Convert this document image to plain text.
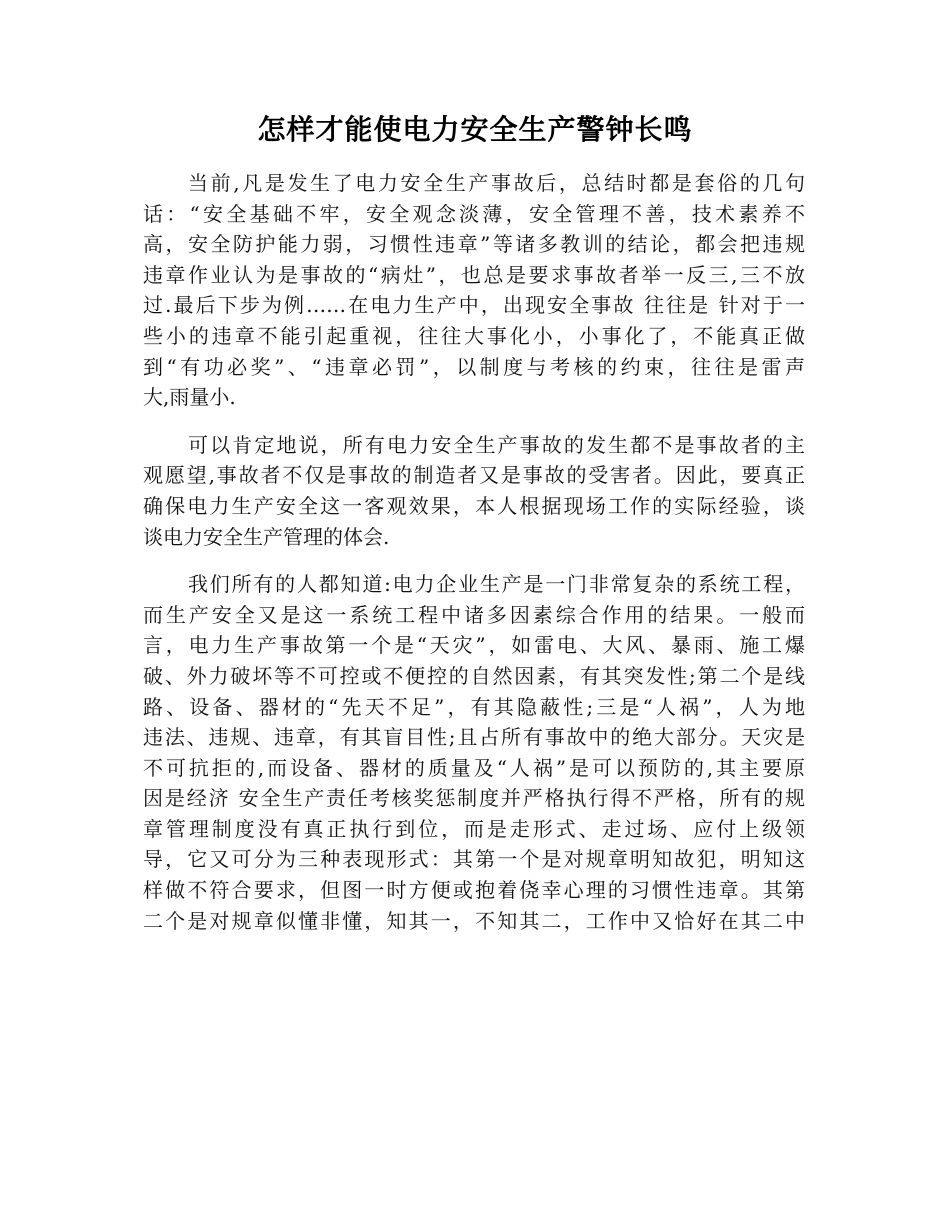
怎样才能使电力安全生产警钟长鸣
当前,凡是发生了电力安全生产事故后，总结时都是套俗的几句
话：“安全基础不牢，安全观念淡薄，安全管理不善，技术素养不
高，安全防护能力弱，习惯性违章”等诸多教训的结论，都会把违规
违章作业认为是事故的“病灶”，也总是要求事故者举一反三,三不放
过.最后下步为例……在电力生产中，出现安全事故 往往是 针对于一
些小的违章不能引起重视，往往大事化小，小事化了，不能真正做
到“有功必奖”、“违章必罚”，以制度与考核的约束，往往是雷声
大,雨量小.
可以肯定地说，所有电力安全生产事故的发生都不是事故者的主
观愿望,事故者不仅是事故的制造者又是事故的受害者。因此，要真正
确保电力生产安全这一客观效果，本人根据现场工作的实际经验，谈
谈电力安全生产管理的体会.
我们所有的人都知道:电力企业生产是一门非常复杂的系统工程，
而生产安全又是这一系统工程中诸多因素综合作用的结果。一般而
言，电力生产事故第一个是“天灾”，如雷电、大风、暴雨、施工爆
破、外力破坏等不可控或不便控的自然因素，有其突发性;第二个是线
路、设备、器材的“先天不足”，有其隐蔽性;三是“人祸”，人为地
违法、违规、违章，有其盲目性;且占所有事故中的绝大部分。天灾是
不可抗拒的,而设备、器材的质量及“人祸”是可以预防的,其主要原
因是经济 安全生产责任考核奖惩制度并严格执行得不严格，所有的规
章管理制度没有真正执行到位，而是走形式、走过场、应付上级领
导，它又可分为三种表现形式：其第一个是对规章明知故犯，明知这
样做不符合要求，但图一时方便或抱着侥幸心理的习惯性违章。其第
二个是对规章似懂非懂，知其一，不知其二，工作中又恰好在其二中
